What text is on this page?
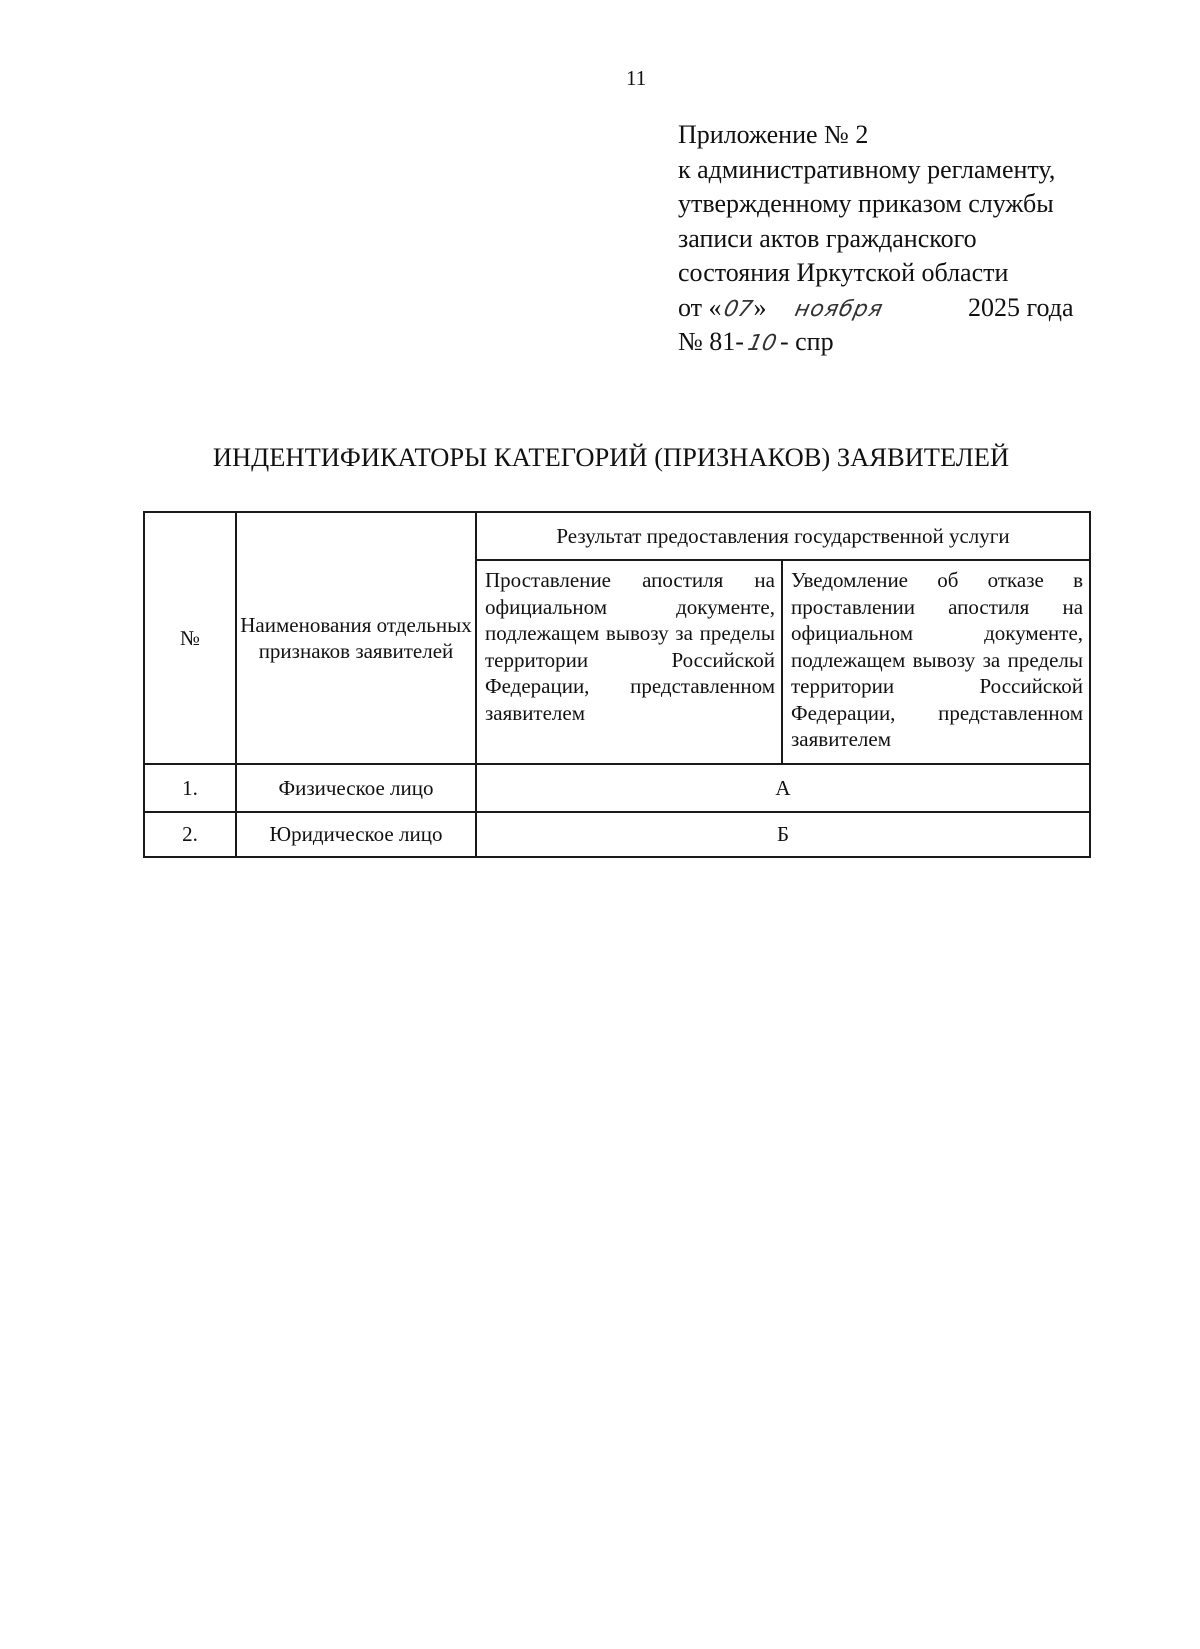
11
Приложение № 2
к административному регламенту,
утвержденному приказом службы
записи актов гражданского
состояния Иркутской области
от «07» ноября	2025 года
№ 81-10- спр
ИНДЕНТИФИКАТОРЫ КАТЕГОРИЙ (ПРИЗНАКОВ) ЗАЯВИТЕЛЕЙ
№	Наименования отдельных признаков заявителей	Результат предоставления государственной услуги	
		Проставление апостиля на официальном документе, подлежащем вывозу за пределы территории Российской Федерации, представленном заявителем	Уведомление об отказе в проставлении апостиля на официальном документе, подлежащем вывозу за пределы территории Российской Федерации, представленном заявителем
1.	Физическое лицо	А	
2.	Юридическое лицо	Б	
